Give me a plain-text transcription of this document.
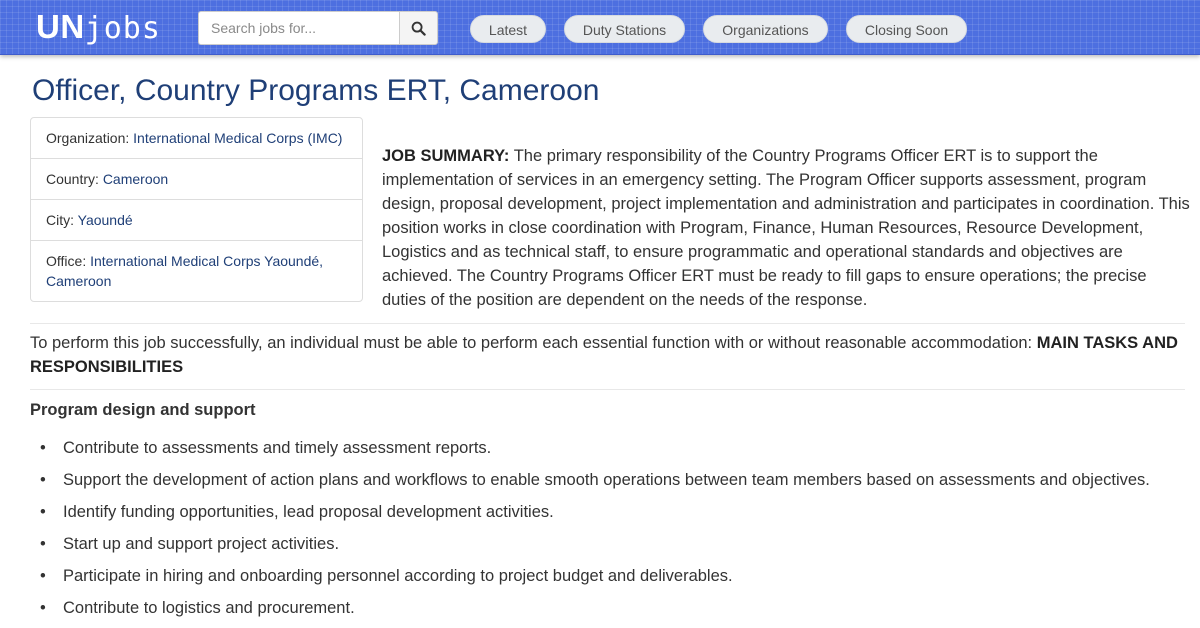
UNjobs
Search jobs for...	Latest	Duty Stations	Organizations	Closing Soon
Officer, Country Programs ERT, Cameroon
Organization: International Medical Corps (IMC)
Country: Cameroon
City: Yaoundé
Office: International Medical Corps Yaoundé, Cameroon
JOB SUMMARY: The primary responsibility of the Country Programs Officer ERT is to support the implementation of services in an emergency setting. The Program Officer supports assessment, program design, proposal development, project implementation and administration and participates in coordination. This position works in close coordination with Program, Finance, Human Resources, Resource Development, Logistics and as technical staff, to ensure programmatic and operational standards and objectives are achieved. The Country Programs Officer ERT must be ready to fill gaps to ensure operations; the precise duties of the position are dependent on the needs of the response.
To perform this job successfully, an individual must be able to perform each essential function with or without reasonable accommodation: MAIN TASKS AND RESPONSIBILITIES
Program design and support
• Contribute to assessments and timely assessment reports.
• Support the development of action plans and workflows to enable smooth operations between team members based on assessments and objectives.
• Identify funding opportunities, lead proposal development activities.
• Start up and support project activities.
• Participate in hiring and onboarding personnel according to project budget and deliverables.
• Contribute to logistics and procurement.
